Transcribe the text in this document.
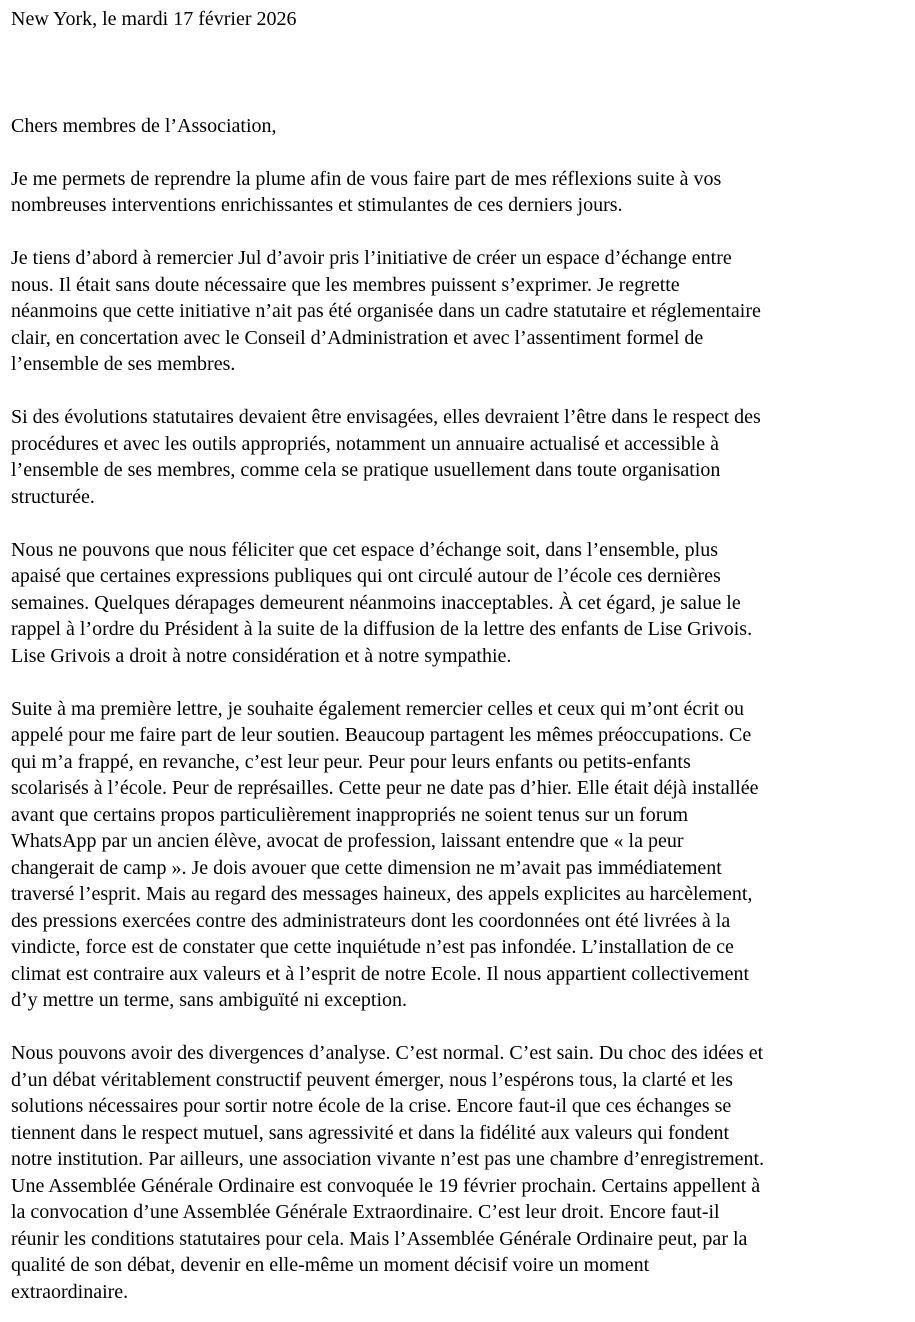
New York, le mardi 17 février 2026

Chers membres de l’Association,

Je me permets de reprendre la plume afin de vous faire part de mes réflexions suite à vos
nombreuses interventions enrichissantes et stimulantes de ces derniers jours.

Je tiens d’abord à remercier Jul d’avoir pris l’initiative de créer un espace d’échange entre
nous. Il était sans doute nécessaire que les membres puissent s’exprimer. Je regrette
néanmoins que cette initiative n’ait pas été organisée dans un cadre statutaire et réglementaire
clair, en concertation avec le Conseil d’Administration et avec l’assentiment formel de
l’ensemble de ses membres.

Si des évolutions statutaires devaient être envisagées, elles devraient l’être dans le respect des
procédures et avec les outils appropriés, notamment un annuaire actualisé et accessible à
l’ensemble de ses membres, comme cela se pratique usuellement dans toute organisation
structurée.

Nous ne pouvons que nous féliciter que cet espace d’échange soit, dans l’ensemble, plus
apaisé que certaines expressions publiques qui ont circulé autour de l’école ces dernières
semaines. Quelques dérapages demeurent néanmoins inacceptables. À cet égard, je salue le
rappel à l’ordre du Président à la suite de la diffusion de la lettre des enfants de Lise Grivois.
Lise Grivois a droit à notre considération et à notre sympathie.

Suite à ma première lettre, je souhaite également remercier celles et ceux qui m’ont écrit ou
appelé pour me faire part de leur soutien. Beaucoup partagent les mêmes préoccupations. Ce
qui m’a frappé, en revanche, c’est leur peur. Peur pour leurs enfants ou petits-enfants
scolarisés à l’école. Peur de représailles. Cette peur ne date pas d’hier. Elle était déjà installée
avant que certains propos particulièrement inappropriés ne soient tenus sur un forum
WhatsApp par un ancien élève, avocat de profession, laissant entendre que « la peur
changerait de camp ». Je dois avouer que cette dimension ne m’avait pas immédiatement
traversé l’esprit. Mais au regard des messages haineux, des appels explicites au harcèlement,
des pressions exercées contre des administrateurs dont les coordonnées ont été livrées à la
vindicte, force est de constater que cette inquiétude n’est pas infondée. L’installation de ce
climat est contraire aux valeurs et à l’esprit de notre Ecole. Il nous appartient collectivement
d’y mettre un terme, sans ambiguïté ni exception.

Nous pouvons avoir des divergences d’analyse. C’est normal. C’est sain. Du choc des idées et
d’un débat véritablement constructif peuvent émerger, nous l’espérons tous, la clarté et les
solutions nécessaires pour sortir notre école de la crise. Encore faut-il que ces échanges se
tiennent dans le respect mutuel, sans agressivité et dans la fidélité aux valeurs qui fondent
notre institution. Par ailleurs, une association vivante n’est pas une chambre d’enregistrement.
Une Assemblée Générale Ordinaire est convoquée le 19 février prochain. Certains appellent à
la convocation d’une Assemblée Générale Extraordinaire. C’est leur droit. Encore faut-il
réunir les conditions statutaires pour cela. Mais l’Assemblée Générale Ordinaire peut, par la
qualité de son débat, devenir en elle-même un moment décisif voire un moment
extraordinaire.
